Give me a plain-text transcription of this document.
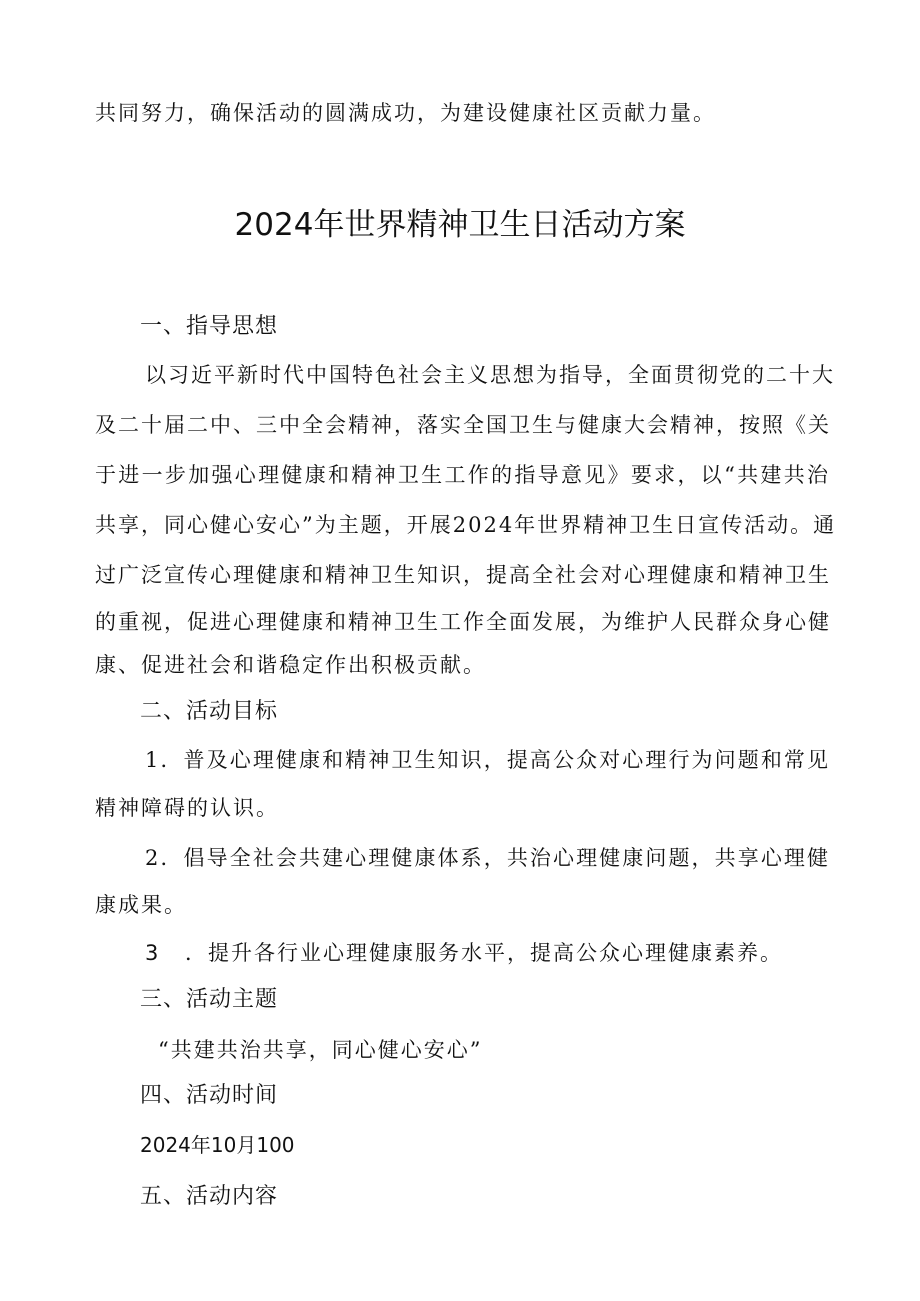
共同努力，确保活动的圆满成功，为建设健康社区贡献力量。
2024年世界精神卫生日活动方案
一、指导思想
以习近平新时代中国特色社会主义思想为指导，全面贯彻党的二十大
及二十届二中、三中全会精神，落实全国卫生与健康大会精神，按照《关
于进一步加强心理健康和精神卫生工作的指导意见》要求，以“共建共治
共享，同心健心安心”为主题，开展2024年世界精神卫生日宣传活动。通
过广泛宣传心理健康和精神卫生知识，提高全社会对心理健康和精神卫生
的重视，促进心理健康和精神卫生工作全面发展，为维护人民群众身心健
康、促进社会和谐稳定作出积极贡献。
二、活动目标
1．普及心理健康和精神卫生知识，提高公众对心理行为问题和常见
精神障碍的认识。
2．倡导全社会共建心理健康体系，共治心理健康问题，共享心理健
康成果。
3 ．提升各行业心理健康服务水平，提高公众心理健康素养。
三、活动主题
“共建共治共享，同心健心安心”
四、活动时间
2024年10月100
五、活动内容
